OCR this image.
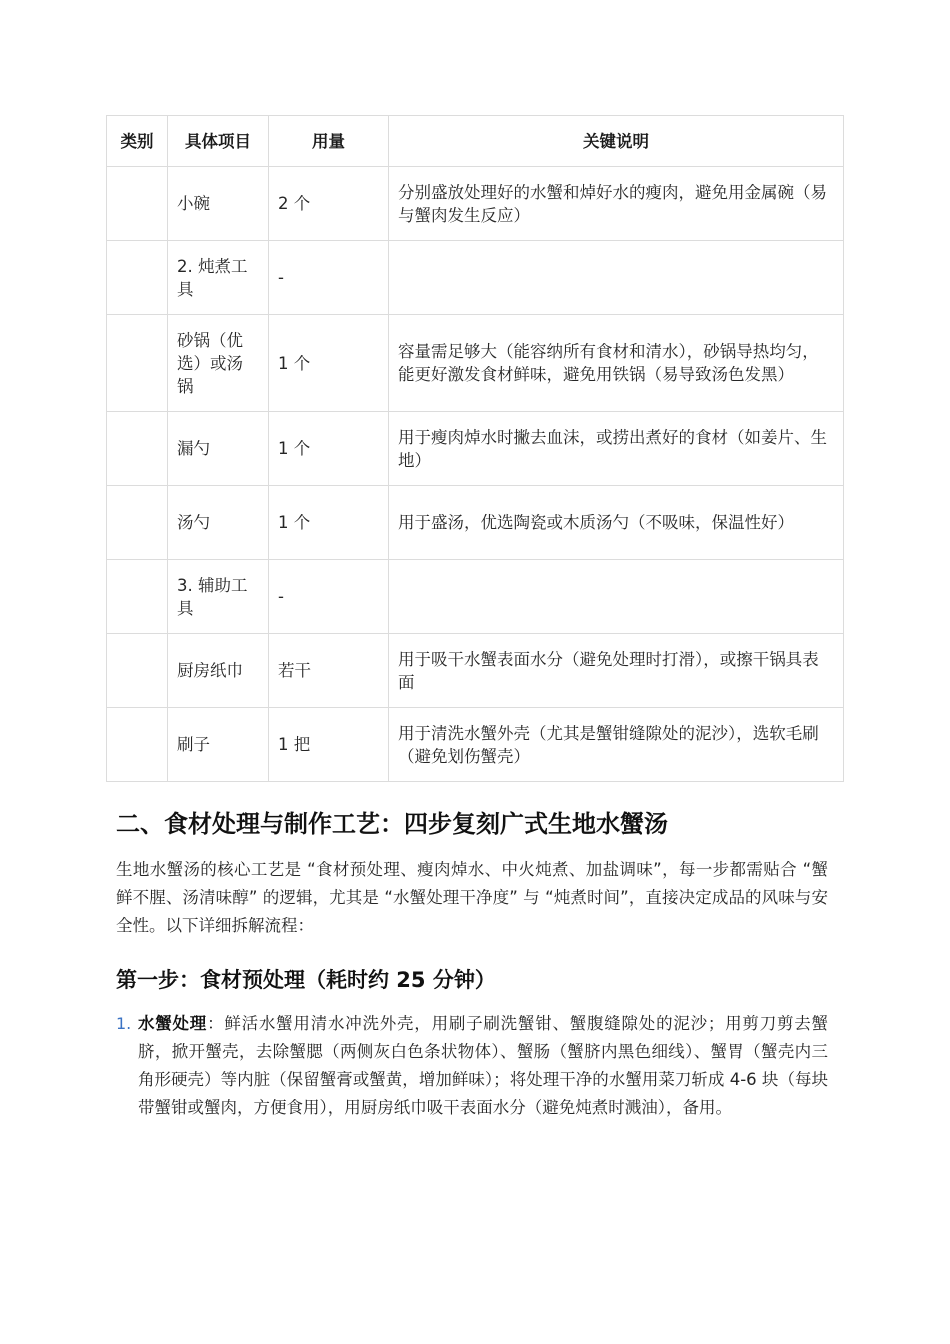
类别	具体项目	用量	关键说明
	小碗	2 个	分别盛放处理好的水蟹和焯好水的瘦肉，避免用金属碗（易与蟹肉发生反应）
	2. 炖煮工具	-	
	砂锅（优选）或汤锅	1 个	容量需足够大（能容纳所有食材和清水），砂锅导热均匀，能更好激发食材鲜味，避免用铁锅（易导致汤色发黑）
	漏勺	1 个	用于瘦肉焯水时撇去血沫，或捞出煮好的食材（如姜片、生地）
	汤勺	1 个	用于盛汤，优选陶瓷或木质汤勺（不吸味，保温性好）
	3. 辅助工具	-	
	厨房纸巾	若干	用于吸干水蟹表面水分（避免处理时打滑），或擦干锅具表面
	刷子	1 把	用于清洗水蟹外壳（尤其是蟹钳缝隙处的泥沙），选软毛刷（避免划伤蟹壳）
二、食材处理与制作工艺：四步复刻广式生地水蟹汤

生地水蟹汤的核心工艺是 “食材预处理、瘦肉焯水、中火炖煮、加盐调味”，每一步都需贴合 “蟹鲜不腥、汤清味醇” 的逻辑，尤其是 “水蟹处理干净度” 与 “炖煮时间”，直接决定成品的风味与安全性。以下详细拆解流程：

第一步：食材预处理（耗时约 25 分钟）
1. 水蟹处理：鲜活水蟹用清水冲洗外壳，用刷子刷洗蟹钳、蟹腹缝隙处的泥沙；用剪刀剪去蟹脐，掀开蟹壳，去除蟹腮（两侧灰白色条状物体）、蟹肠（蟹脐内黑色细线）、蟹胃（蟹壳内三角形硬壳）等内脏（保留蟹膏或蟹黄，增加鲜味）；将处理干净的水蟹用菜刀斩成 4-6 块（每块带蟹钳或蟹肉，方便食用），用厨房纸巾吸干表面水分（避免炖煮时溅油），备用。
